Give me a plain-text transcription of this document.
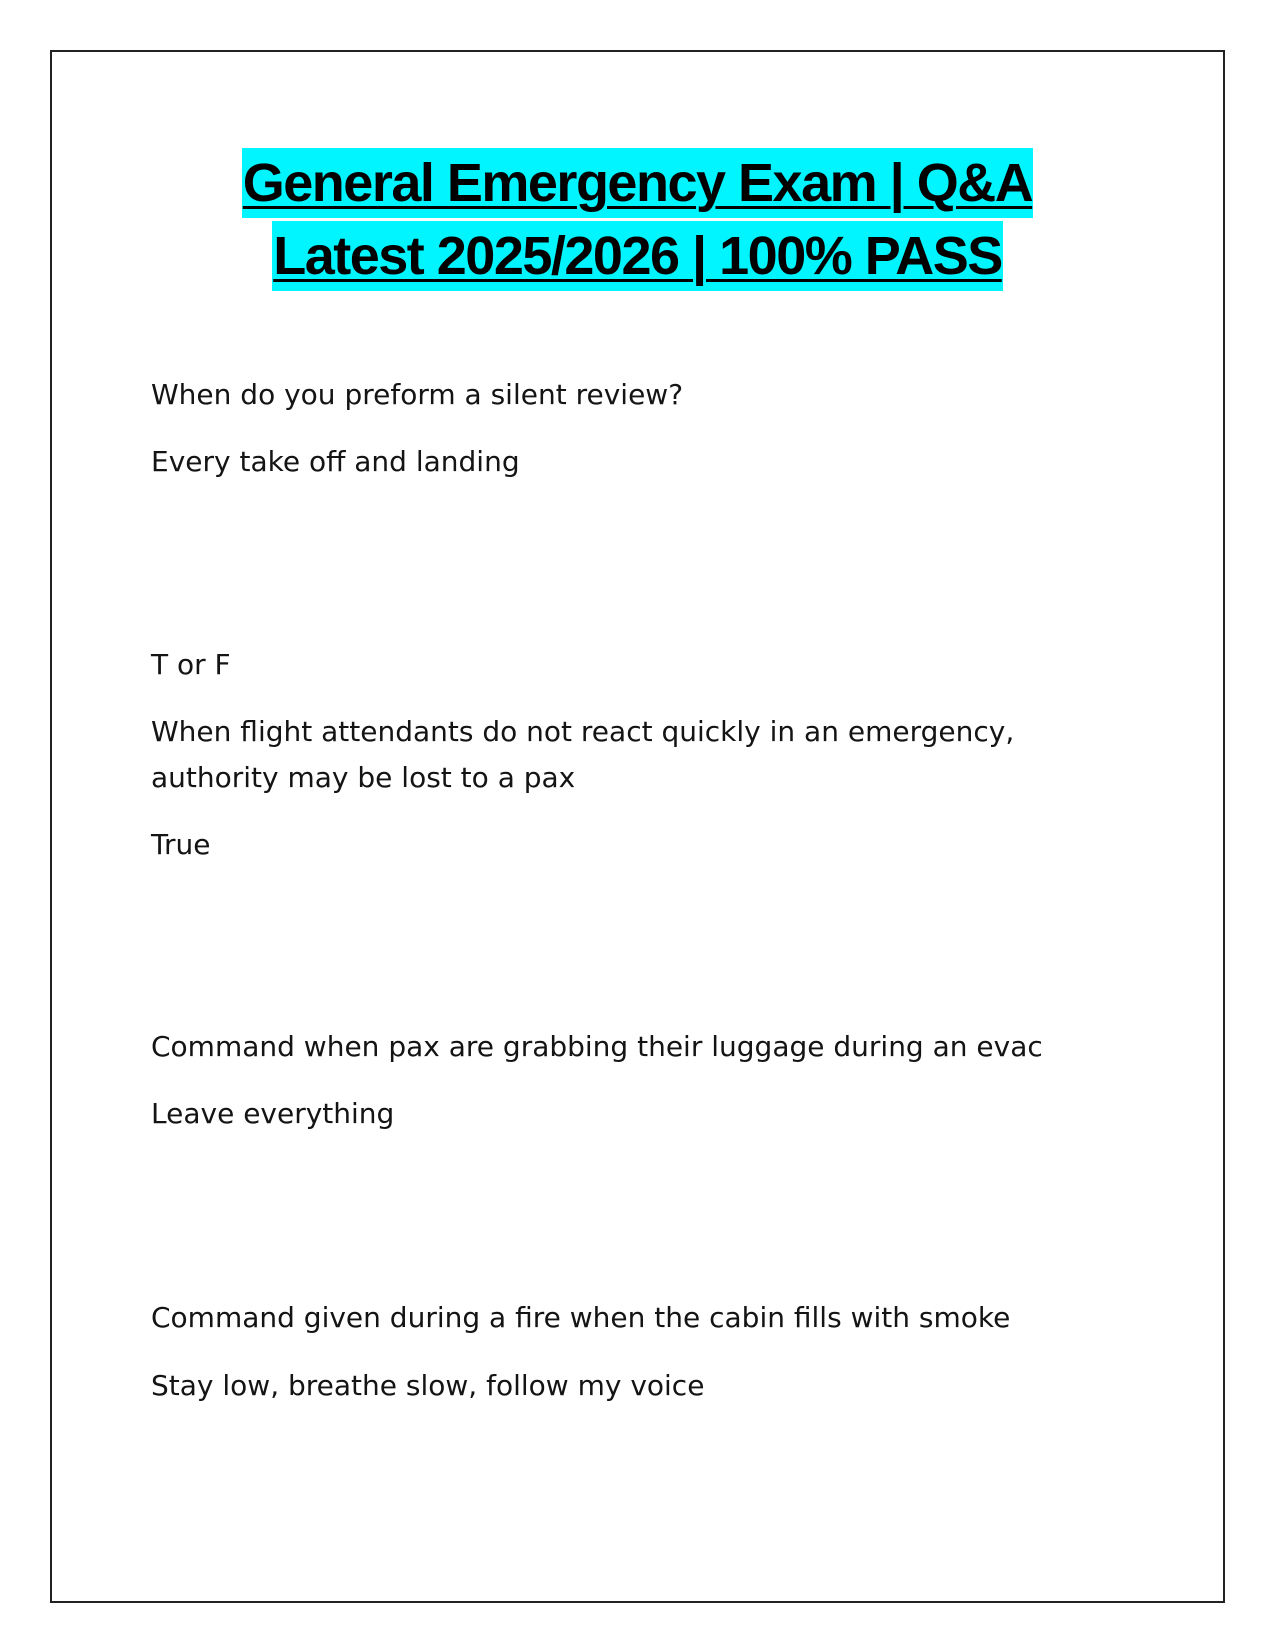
General Emergency Exam | Q&A
Latest 2025/2026 | 100% PASS

When do you preform a silent review?

Every take off and landing

T or F

When flight attendants do not react quickly in an emergency, authority may be lost to a pax

True

Command when pax are grabbing their luggage during an evac

Leave everything

Command given during a fire when the cabin fills with smoke

Stay low, breathe slow, follow my voice
